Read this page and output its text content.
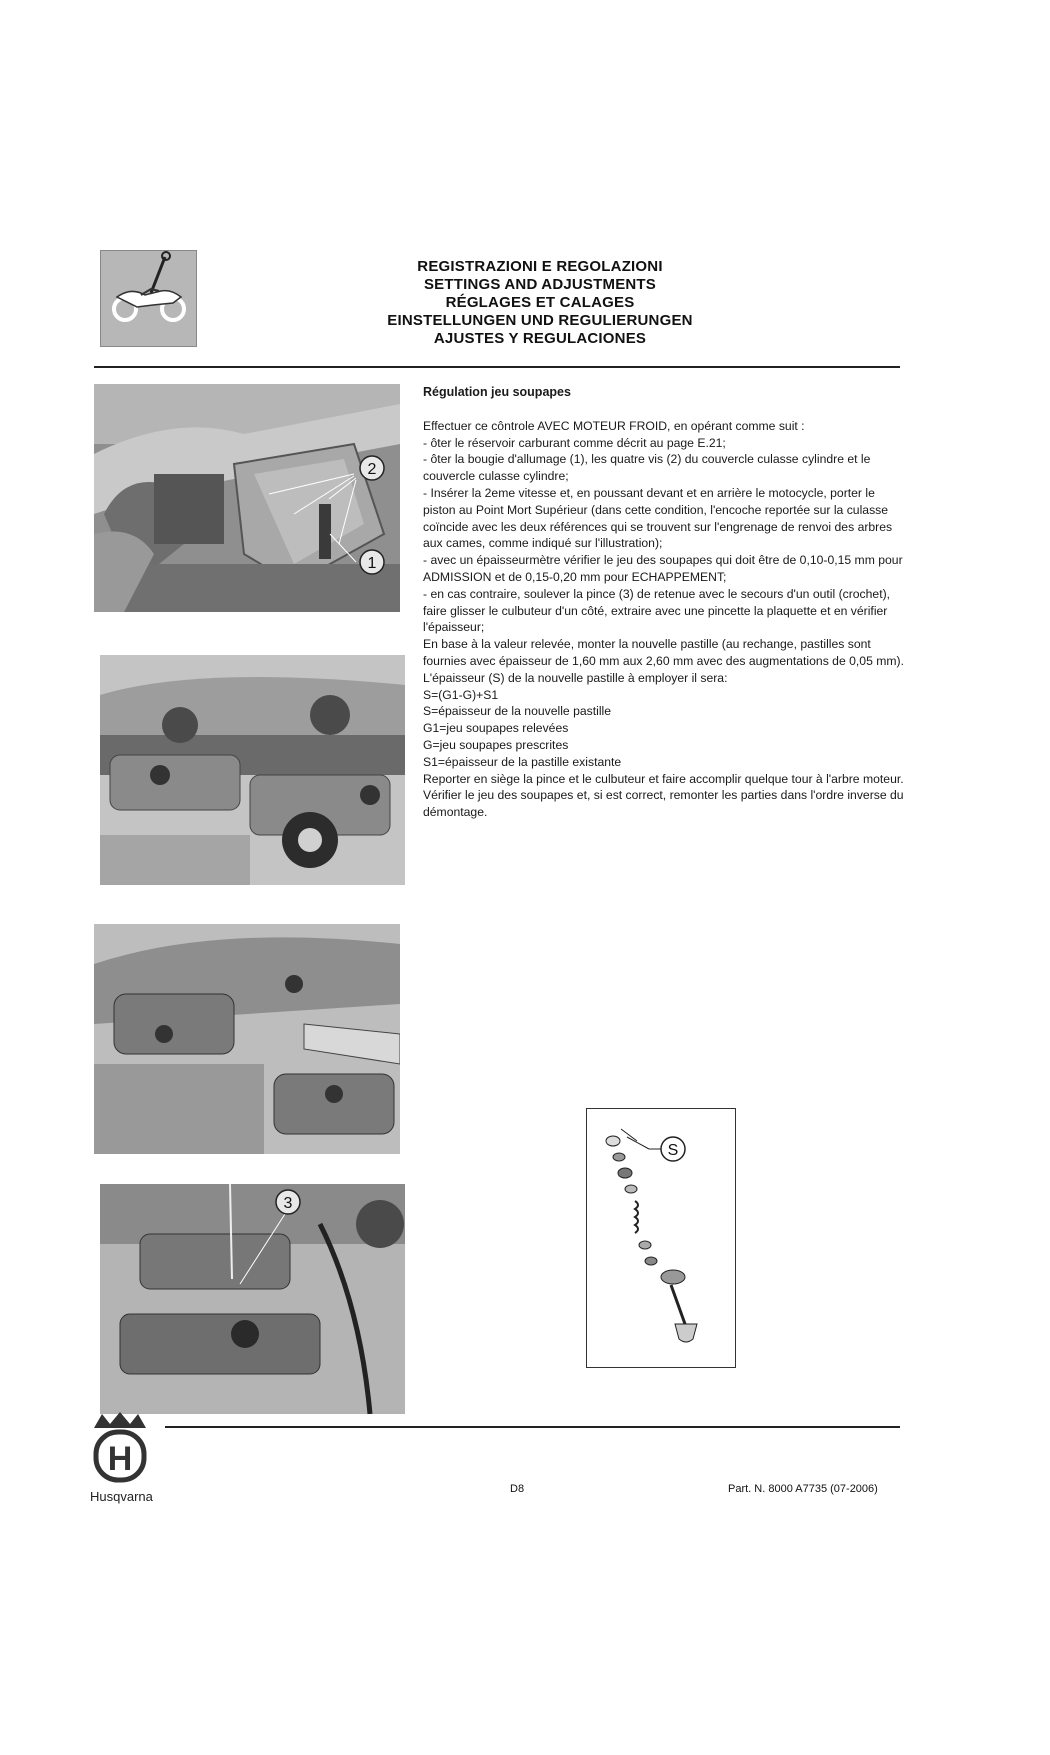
REGISTRAZIONI E REGOLAZIONI
SETTINGS AND ADJUSTMENTS
RÉGLAGES ET CALAGES
EINSTELLUNGEN UND REGULIERUNGEN
AJUSTES Y REGULACIONES
2
1
3
Régulation jeu soupapes

Effectuer ce côntrole AVEC MOTEUR FROID, en opérant comme suit :

- ôter le réservoir carburant comme décrit au page E.21;

- ôter la bougie d'allumage (1), les quatre vis (2) du couvercle culasse cylindre et le couvercle culasse cylindre;

- Insérer la 2eme vitesse et, en poussant devant et en arrière le motocycle, porter le piston au Point Mort Supérieur (dans cette condition, l'encoche reportée sur la culasse coïncide avec les deux références qui se trouvent sur l'engrenage de renvoi des arbres aux cames, comme indiqué sur l'illustration);

- avec un épaisseurmètre vérifier le jeu des soupapes qui doit être de 0,10-0,15 mm pour ADMISSION et de 0,15-0,20 mm pour ECHAPPEMENT;

- en cas contraire, soulever la pince (3) de retenue avec le secours d'un outil (crochet), faire glisser le culbuteur d'un côté, extraire avec une pincette la plaquette et en vérifier l'épaisseur;

En base à la valeur relevée, monter la nouvelle pastille (au rechange, pastilles sont fournies avec épaisseur de 1,60 mm aux 2,60 mm avec des augmentations de 0,05 mm).

L'épaisseur (S) de la nouvelle pastille à employer il sera:

S=(G1-G)+S1

S=épaisseur de la nouvelle pastille

G1=jeu soupapes relevées

G=jeu soupapes prescrites

S1=épaisseur de la pastille existante

Reporter en siège la pince et le culbuteur et faire accomplir quelque tour à l'arbre moteur.

Vérifier le jeu des soupapes et, si est correct, remonter les parties dans l'ordre inverse du démontage.

S
H
Husqvarna	D8	Part. N. 8000 A7735 (07-2006)
